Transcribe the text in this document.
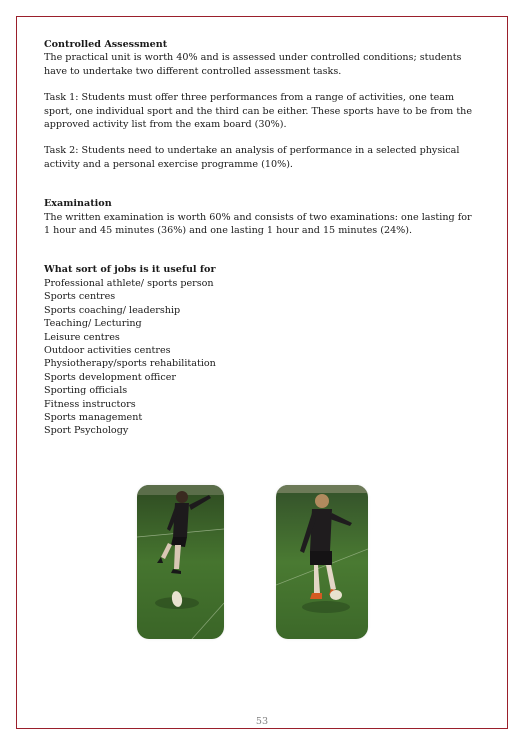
Controlled Assessment

The practical unit is worth 40% and is assessed under controlled conditions; students have to undertake two different controlled assessment tasks.

Task 1: Students must offer three performances from a range of activities, one team sport, one individual sport and the third can be either. These sports have to be from the approved activity list from the exam board (30%).

Task 2: Students need to undertake an analysis of performance in a selected physical activity and a personal exercise programme (10%).

Examination

The written examination is worth 60% and consists of two examinations: one lasting for 1 hour and 45 minutes (36%) and one lasting 1 hour and 15 minutes (24%).

What sort of jobs is it useful for

Professional athlete/ sports person
Sports centres
Sports coaching/ leadership
Teaching/ Lecturing
Leisure centres
Outdoor activities centres
Physiotherapy/sports rehabilitation
Sports development officer
Sporting officials
Fitness instructors
Sports management
Sport Psychology
53
